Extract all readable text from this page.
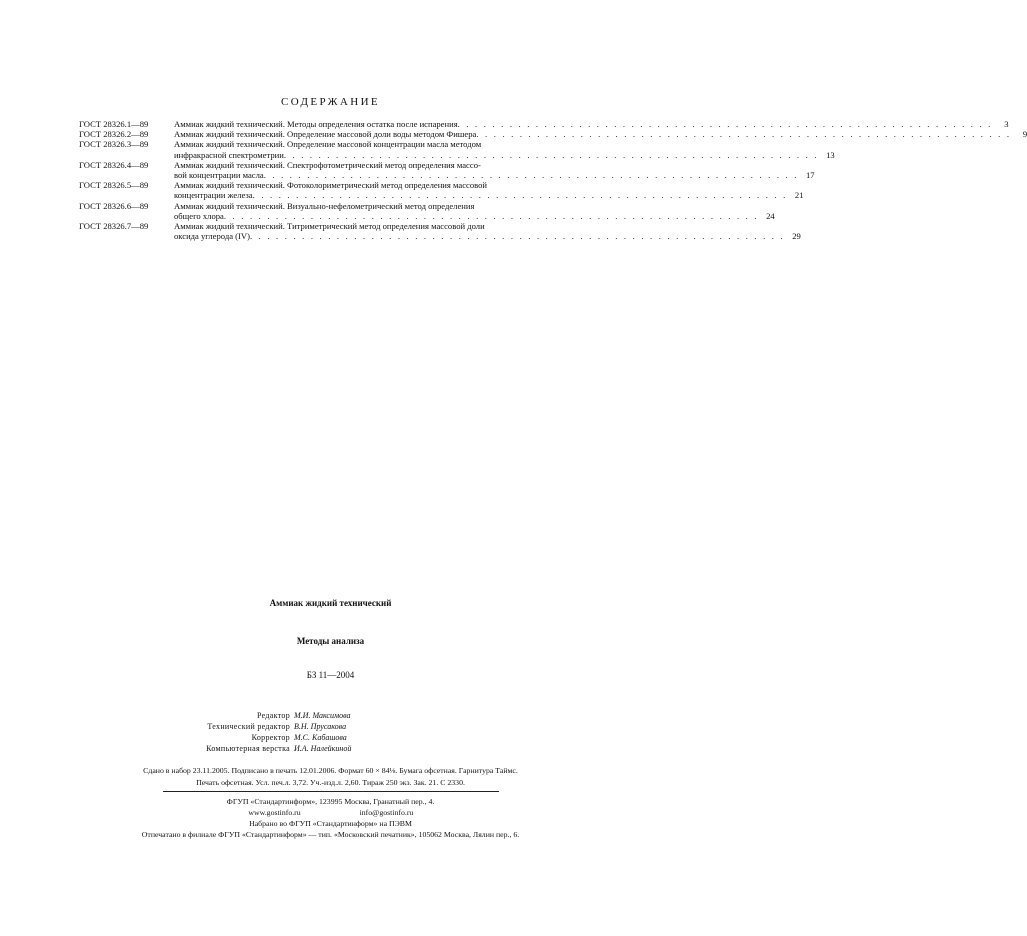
СОДЕРЖАНИЕ
ГОСТ 28326.1—89	Аммиак жидкий технический. Методы определения остатка после испарения . . . . . . . . . . . . . . . . . . . . . . . . . . . . . . . . . . . . . . . . . . . . . . . . . . . . . . . . . . . . . .	3
ГОСТ 28326.2—89	Аммиак жидкий технический. Определение массовой доли воды методом Фишера . . . . . . . . . . . . . . . . . . . . . . . . . . . . . . . . . . . . . . . . . . . . . . . . . . . . . . . . . . . . . .	9
ГОСТ 28326.3—89	Аммиак жидкий технический. Определение массовой концентрации масла методом
инфракрасной спектрометрии . . . . . . . . . . . . . . . . . . . . . . . . . . . . . . . . . . . . . . . . . . . . . . . . . . . . . . . . . . . . . . 13
ГОСТ 28326.4—89	Аммиак жидкий технический. Спектрофотометрический метод определения массо-
вой концентрации масла . . . . . . . . . . . . . . . . . . . . . . . . . . . . . . . . . . . . . . . . . . . . . . . . . . . . . . . . . . . . . . 17
ГОСТ 28326.5—89	Аммиак жидкий технический. Фотоколориметрический метод определения массовой
концентрации железа . . . . . . . . . . . . . . . . . . . . . . . . . . . . . . . . . . . . . . . . . . . . . . . . . . . . . . . . . . . . . . 21
ГОСТ 28326.6—89	Аммиак жидкий технический. Визуально-нефелометрический метод определения
общего хлора . . . . . . . . . . . . . . . . . . . . . . . . . . . . . . . . . . . . . . . . . . . . . . . . . . . . . . . . . . . . . . 24
ГОСТ 28326.7—89	Аммиак жидкий технический. Титриметрический метод определения массовой доли
оксида углерода (IV) . . . . . . . . . . . . . . . . . . . . . . . . . . . . . . . . . . . . . . . . . . . . . . . . . . . . . . . . . . . . . . 29
Аммиак жидкий технический
Методы анализа
БЗ 11—2004
Редактор М.И. Максимова
Технический редактор В.Н. Прусакова
Корректор М.С. Кабашова
Компьютерная верстка И.А. Налейкиной
Сдано в набор 23.11.2005. Подписано в печать 12.01.2006. Формат 60 × 84⅛. Бумага офсетная. Гарнитура Таймс.
Печать офсетная. Усл. печ.л. 3,72. Уч.-изд.л. 2,60. Тираж 250 экз. Зак. 21. С 2330.
ФГУП «Стандартинформ», 123995 Москва, Гранатный пер., 4.
www.gostinfo.ru	info@gostinfo.ru
Набрано во ФГУП «Стандартинформ» на ПЭВМ
Отпечатано в филиале ФГУП «Стандартинформ» — тип. «Московский печатник», 105062 Москва, Лялин пер., 6.
